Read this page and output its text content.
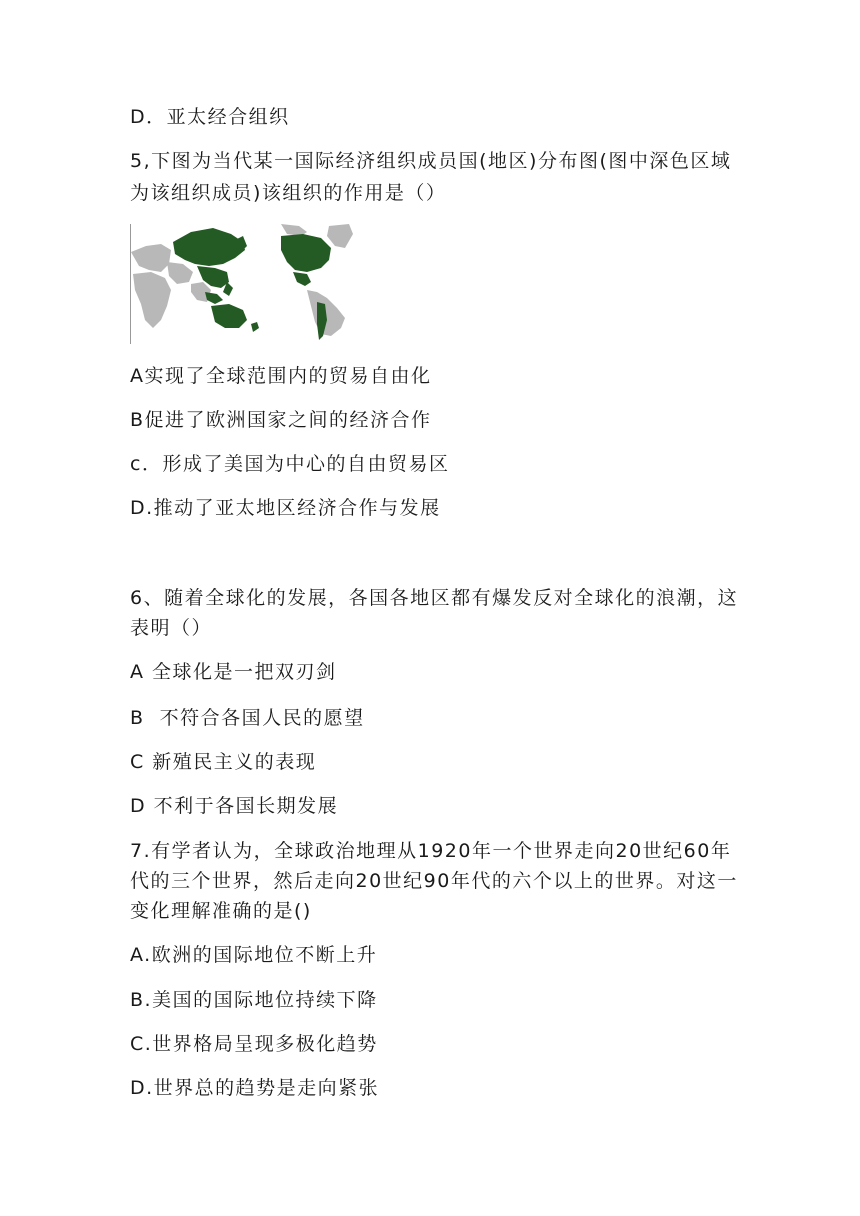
D．亚太经合组织
5,下图为当代某一国际经济组织成员国(地区)分布图(图中深色区域
为该组织成员)该组织的作用是（）
A实现了全球范围内的贸易自由化
B促进了欧洲国家之间的经济合作
c．形成了美国为中心的自由贸易区
D.推动了亚太地区经济合作与发展
6、随着全球化的发展，各国各地区都有爆发反对全球化的浪潮，这
表明（）
A 全球化是一把双刃剑
B  不符合各国人民的愿望
C 新殖民主义的表现
D 不利于各国长期发展
7.有学者认为，全球政治地理从1920年一个世界走向20世纪60年
代的三个世界，然后走向20世纪90年代的六个以上的世界。对这一
变化理解准确的是()
A.欧洲的国际地位不断上升
B.美国的国际地位持续下降
C.世界格局呈现多极化趋势
D.世界总的趋势是走向紧张
